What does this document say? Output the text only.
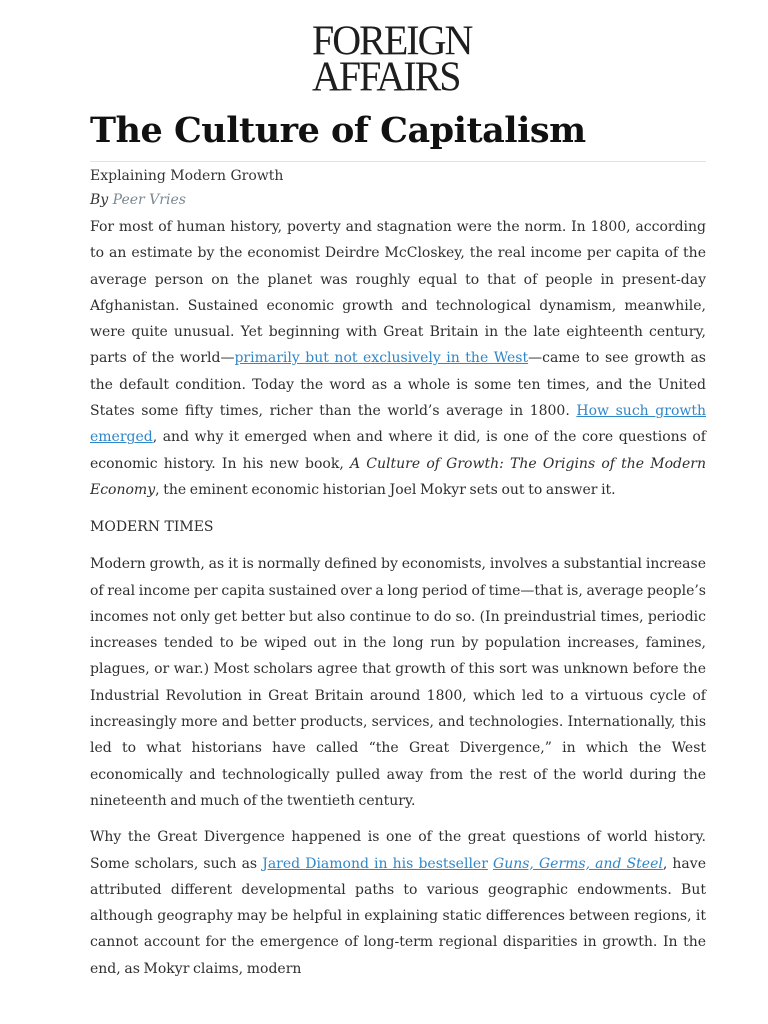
FOREIGN
AFFAIRS
The Culture of Capitalism
Explaining Modern Growth
By Peer Vries

For most of human history, poverty and stagnation were the norm. In 1800, according to an estimate by the economist Deirdre McCloskey, the real income per capita of the average person on the planet was roughly equal to that of people in present-day Afghanistan. Sustained economic growth and technological dynamism, meanwhile, were quite unusual. Yet beginning with Great Britain in the late eighteenth century, parts of the world—primarily but not exclusively in the West—came to see growth as the default condition. Today the word as a whole is some ten times, and the United States some fifty times, richer than the world’s average in 1800. How such growth emerged, and why it emerged when and where it did, is one of the core questions of economic history. In his new book, A Culture of Growth: The Origins of the Modern Economy, the eminent economic historian Joel Mokyr sets out to answer it.

MODERN TIMES

Modern growth, as it is normally defined by economists, involves a substantial increase of real income per capita sustained over a long period of time—that is, average people’s incomes not only get better but also continue to do so. (In preindustrial times, periodic increases tended to be wiped out in the long run by population increases, famines, plagues, or war.) Most scholars agree that growth of this sort was unknown before the Industrial Revolution in Great Britain around 1800, which led to a virtuous cycle of increasingly more and better products, services, and technologies. Internationally, this led to what historians have called “the Great Divergence,” in which the West economically and technologically pulled away from the rest of the world during the nineteenth and much of the twentieth century.

Why the Great Divergence happened is one of the great questions of world history. Some scholars, such as Jared Diamond in his bestseller Guns, Germs, and Steel, have attributed different developmental paths to various geographic endowments. But although geography may be helpful in explaining static differences between regions, it cannot account for the emergence of long-term regional disparities in growth. In the end, as Mokyr claims, modern
